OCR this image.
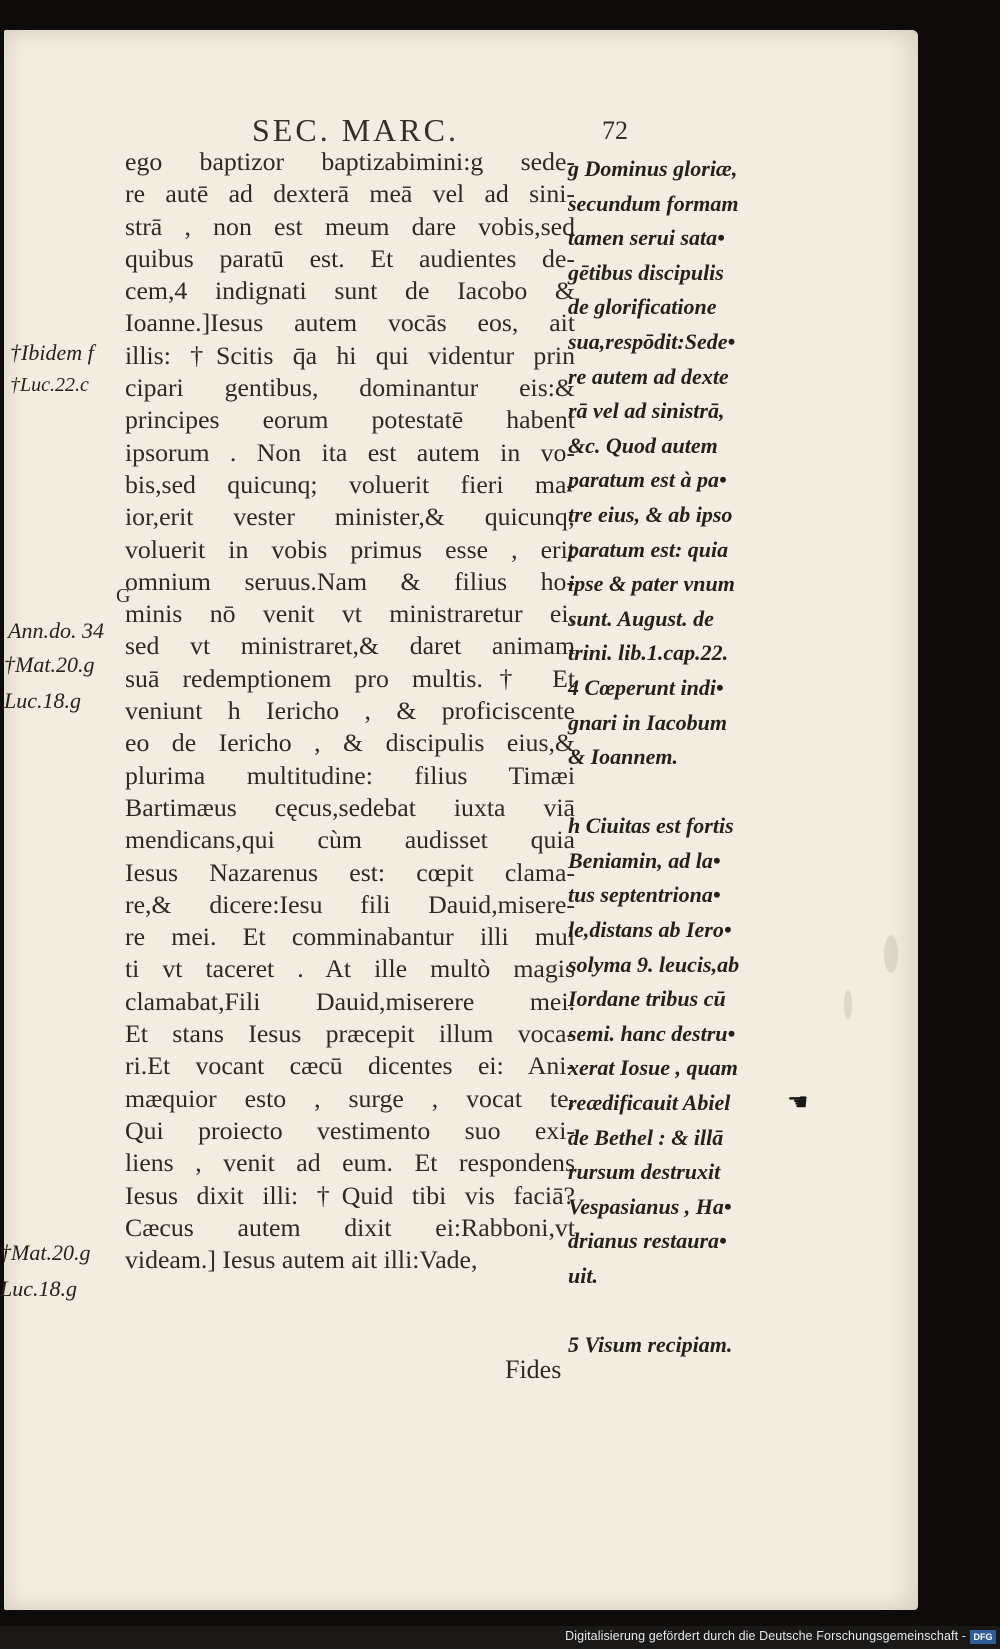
SEC. MARC.	72
ego baptizor baptizabimini:g sede-
re autē ad dexterā meā vel ad sini-
strā , non est meum dare vobis,sed
quibus paratū est. Et audientes de-
cem,4 indignati sunt de Iacobo &
Ioanne.]Iesus autem vocās eos, ait
illis: †Scitis q̄a hi qui videntur prin
cipari gentibus, dominantur eis:&
principes eorum potestatē habent
ipsorum . Non ita est autem in vo-
bis,sed quicunq; voluerit fieri ma-
ior,erit vester minister,& quicunq;
voluerit in vobis primus esse , erit
omnium seruus.Nam & filius ho-
minis nō venit vt ministraretur ei,
sed vt ministraret,& daret animam
suā redemptionem pro multis.† Et
veniunt h Iericho , & proficiscente
eo de Iericho , & discipulis eius,&
plurima multitudine: filius Timæi
Bartimæus cęcus,sedebat iuxta viā
mendicans,qui cùm audisset quia
Iesus Nazarenus est: cœpit clama-
re,& dicere:Iesu fili Dauid,misere-
re mei. Et comminabantur illi mul
ti vt taceret . At ille multò magis
clamabat,Fili Dauid,miserere mei.
Et stans Iesus præcepit illum voca-
ri.Et vocant cæcū dicentes ei: Ani-
mæquior esto , surge , vocat te.
Qui proiecto vestimento suo exi-
liens , venit ad eum. Et respondens
Iesus dixit illi: †Quid tibi vis faciā?
Cæcus autem dixit ei:Rabboni,vt
videam.] Iesus autem ait illi:Vade,
g Dominus gloriæ,
secundum formam
tamen serui sata•
gētibus discipulis
de glorificatione
sua,respōdit:Sede•
re autem ad dexte
rā vel ad sinistrā,
&c. Quod autem
paratum est à pa•
tre eius, & ab ipso
paratum est: quia
ipse & pater vnum
sunt. August. de
trini. lib.1.cap.22.
4 Cœperunt indi•
gnari in Iacobum
& Ioannem.
h Ciuitas est fortis
Beniamin, ad la•
tus septentriona•
le,distans ab Iero•
solyma 9. leucis,ab
Iordane tribus cū
semi. hanc destru•
xerat Iosue , quam
reædificauit Abiel
de Bethel : & illā
rursum destruxit
Vespasianus , Ha•
drianus restaura•
uit.
5 Visum recipiam.
†Ibidem f
†Luc.22.c
Ann.do. 34
†Mat.20.g
Luc.18.g
†Mat.20.g
Luc.18.g
G
☚
Fides
Digitalisierung gefördert durch die Deutsche Forschungsgemeinschaft - DFG
